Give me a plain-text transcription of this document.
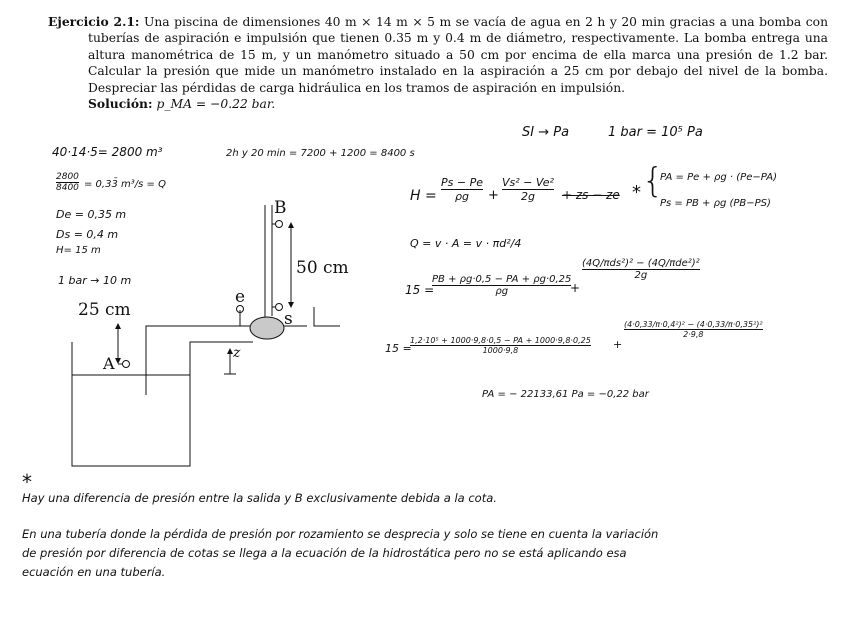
Ejercicio 2.1: Una piscina de dimensiones 40 m × 14 m × 5 m se vacía de agua en 2 h y 20 min gracias a una bomba con tuberías de aspiración e impulsión que tienen 0.35 m y 0.4 m de diámetro, respectivamente. La bomba entrega una altura manométrica de 15 m, y un manómetro situado a 50 cm por encima de ella marca una presión de 1.2 bar. Calcular la presión que mide un manómetro instalado en la aspiración a 25 cm por debajo del nivel de la bomba. Despreciar las pérdidas de carga hidráulica en los tramos de aspiración en impulsión.

Solución: p_MA = −0.22 bar.

SI → Pa	1 bar = 10⁵ Pa
40·14·5= 2800 m³	2h y 20 min = 7200 + 1200 = 8400 s
2800
8400 = 0,33̄ m³/s = Q
De = 0,35 m
Ds = 0,4 m
H= 15 m
1 bar → 10 m
H =
Ps − Pe
ρg +
Vs² − Ve²
2g + zs − ze * {
PA = Pe + ρg · (Pe−PA)
Ps = PB + ρg (PB−PS)
Q = v · A = v · πd²/4
15 =
PB + ρg·0,5 − PA + ρg·0,25
ρg	+
(4Q/πds²)² − (4Q/πde²)²
2g
15 =
1,2·10⁵ + 1000·9,8·0,5 − PA + 1000·9,8·0,25
1000·9,8	+
(4·0,33/π·0,4²)² − (4·0,33/π·0,35²)²
2·9,8
PA = − 22133,61 Pa = −0,22 bar
B
50 cm
e
s
25 cm
A
z
*
Hay una diferencia de presión entre la salida y B exclusivamente debida a la cota.
En una tubería donde la pérdida de presión por rozamiento se desprecia y solo se tiene en cuenta la variación
de presión por diferencia de cotas se llega a la ecuación de la hidrostática pero no se está aplicando esa
ecuación en una tubería.
